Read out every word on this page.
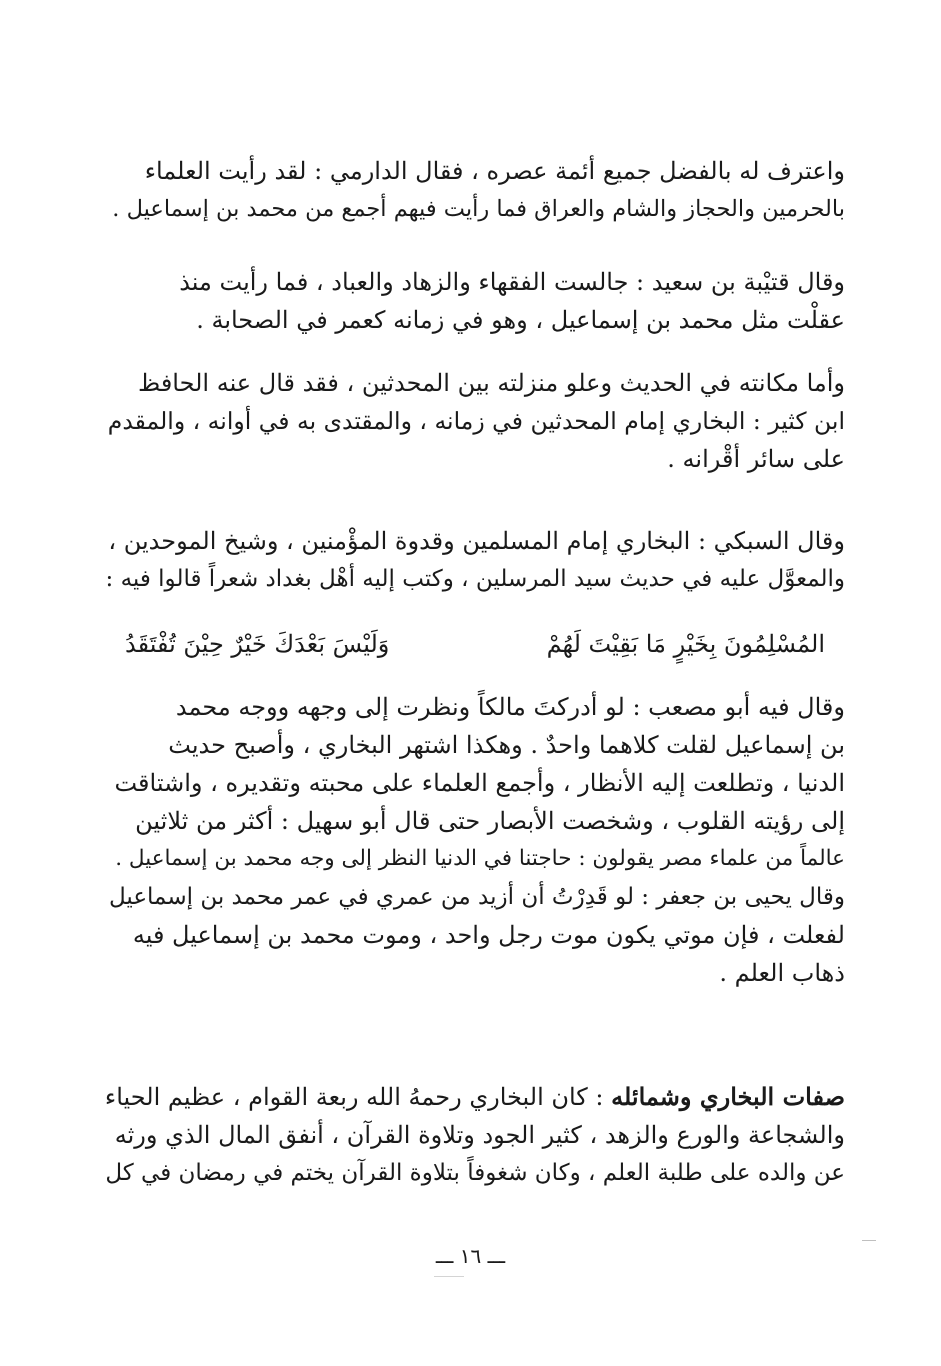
واعترف له بالفضل جميع أئمة عصره ، فقال الدارمي : لقد رأيت العلماء
بالحرمين والحجاز والشام والعراق فما رأيت فيهم أجمع من محمد بن إسماعيل .
وقال قتيْبة بن سعيد : جالست الفقهاء والزهاد والعباد ، فما رأيت منذ
عقلْت مثل محمد بن إسماعيل ، وهو في زمانه كعمر في الصحابة .
وأما مكانته في الحديث وعلو منزلته بين المحدثين ، فقد قال عنه الحافظ
ابن كثير : البخاري إمام المحدثين في زمانه ، والمقتدى به في أوانه ، والمقدم
على سائر أقْرانه .
وقال السبكي : البخاري إمام المسلمين وقدوة المؤْمنين ، وشيخ الموحدين ،
والمعوَّل عليه في حديث سيد المرسلين ، وكتب إليه أهْل بغداد شعراً قالوا فيه :
المُسْلِمُونَ بِخَيْرٍ مَا بَقِيْتَ لَهُمْ
وَلَيْسَ بَعْدَكَ خَيْرٌ حِيْنَ تُفْتَقَدُ
وقال فيه أبو مصعب : لو أدركتَ مالكاً ونظرت إلى وجهه ووجه محمد
بن إسماعيل لقلت كلاهما واحدٌ . وهكذا اشتهر البخاري ، وأصبح حديث
الدنيا ، وتطلعت إليه الأنظار ، وأجمع العلماء على محبته وتقديره ، واشتاقت
إلى رؤيته القلوب ، وشخصت الأبصار حتى قال أبو سهيل : أكثر من ثلاثين
عالماً من علماء مصر يقولون : حاجتنا في الدنيا النظر إلى وجه محمد بن إسماعيل .
وقال يحيى بن جعفر : لو قَدِرْتُ أن أزيد من عمري في عمر محمد بن إسماعيل
لفعلت ، فإن موتي يكون موت رجل واحد ، وموت محمد بن إسماعيل فيه
ذهاب العلم .
صفات البخاري وشمائله : كان البخاري رحمهُ الله ربعة القوام ، عظيم الحياء
والشجاعة والورع والزهد ، كثير الجود وتلاوة القرآن ، أنفق المال الذي ورثه
عن والده على طلبة العلم ، وكان شغوفاً بتلاوة القرآن يختم في رمضان في كل
ـــ ١٦ ـــ
